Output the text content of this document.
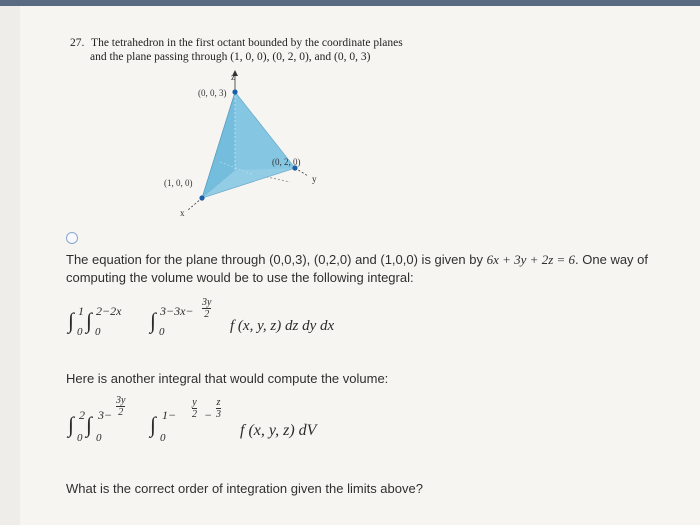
27. The tetrahedron in the first octant bounded by the coordinate planes
and the plane passing through (1, 0, 0), (0, 2, 0), and (0, 0, 3)
z
(0, 0, 3)
(0, 2, 0)
y
(1, 0, 0)
x
The equation for the plane through (0,0,3), (0,2,0) and (1,0,0) is given by 6x + 3y + 2z = 6. One way of
computing the volume would be to use the following integral:
∫ 1
0 ∫ 2−2x
0 ∫ 3−3x−
3y
2
0	f (x, y, z) dz dy dx
Here is another integral that would compute the volume:
∫ 2
0
∫ 3−
3y
2
0
∫ 1−
y
2 −
z
3
0	f (x, y, z) dV
What is the correct order of integration given the limits above?
